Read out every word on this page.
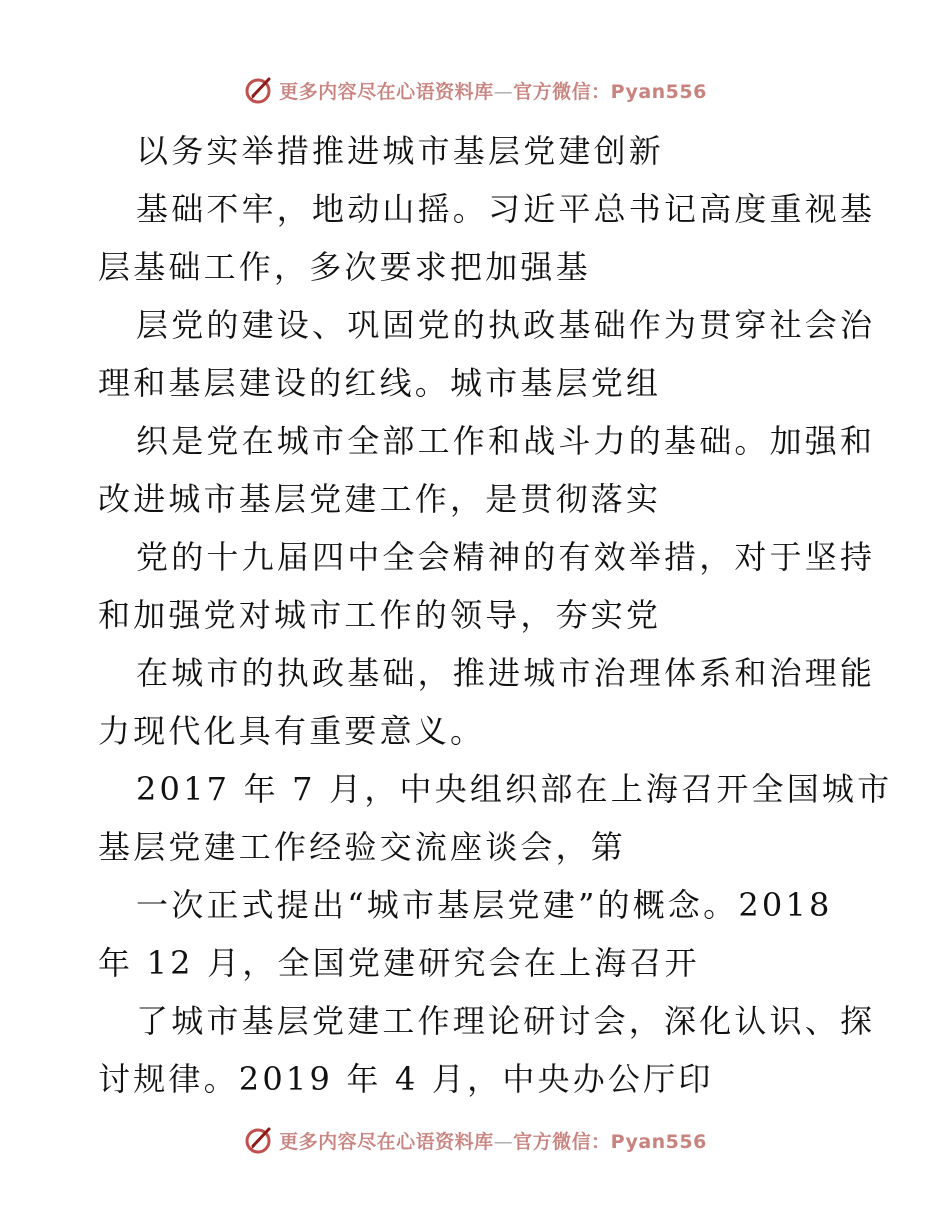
更多内容尽在心语资料库—官方微信：Pyan556
以务实举措推进城市基层党建创新
基础不牢，地动山摇。习近平总书记高度重视基
层基础工作，多次要求把加强基
层党的建设、巩固党的执政基础作为贯穿社会治
理和基层建设的红线。城市基层党组
织是党在城市全部工作和战斗力的基础。加强和
改进城市基层党建工作，是贯彻落实
党的十九届四中全会精神的有效举措，对于坚持
和加强党对城市工作的领导，夯实党
在城市的执政基础，推进城市治理体系和治理能
力现代化具有重要意义。
2017 年 7 月，中央组织部在上海召开全国城市
基层党建工作经验交流座谈会，第
一次正式提出“城市基层党建”的概念。2018
年 12 月，全国党建研究会在上海召开
了城市基层党建工作理论研讨会，深化认识、探
讨规律。2019 年 4 月，中央办公厅印
更多内容尽在心语资料库—官方微信：Pyan556
